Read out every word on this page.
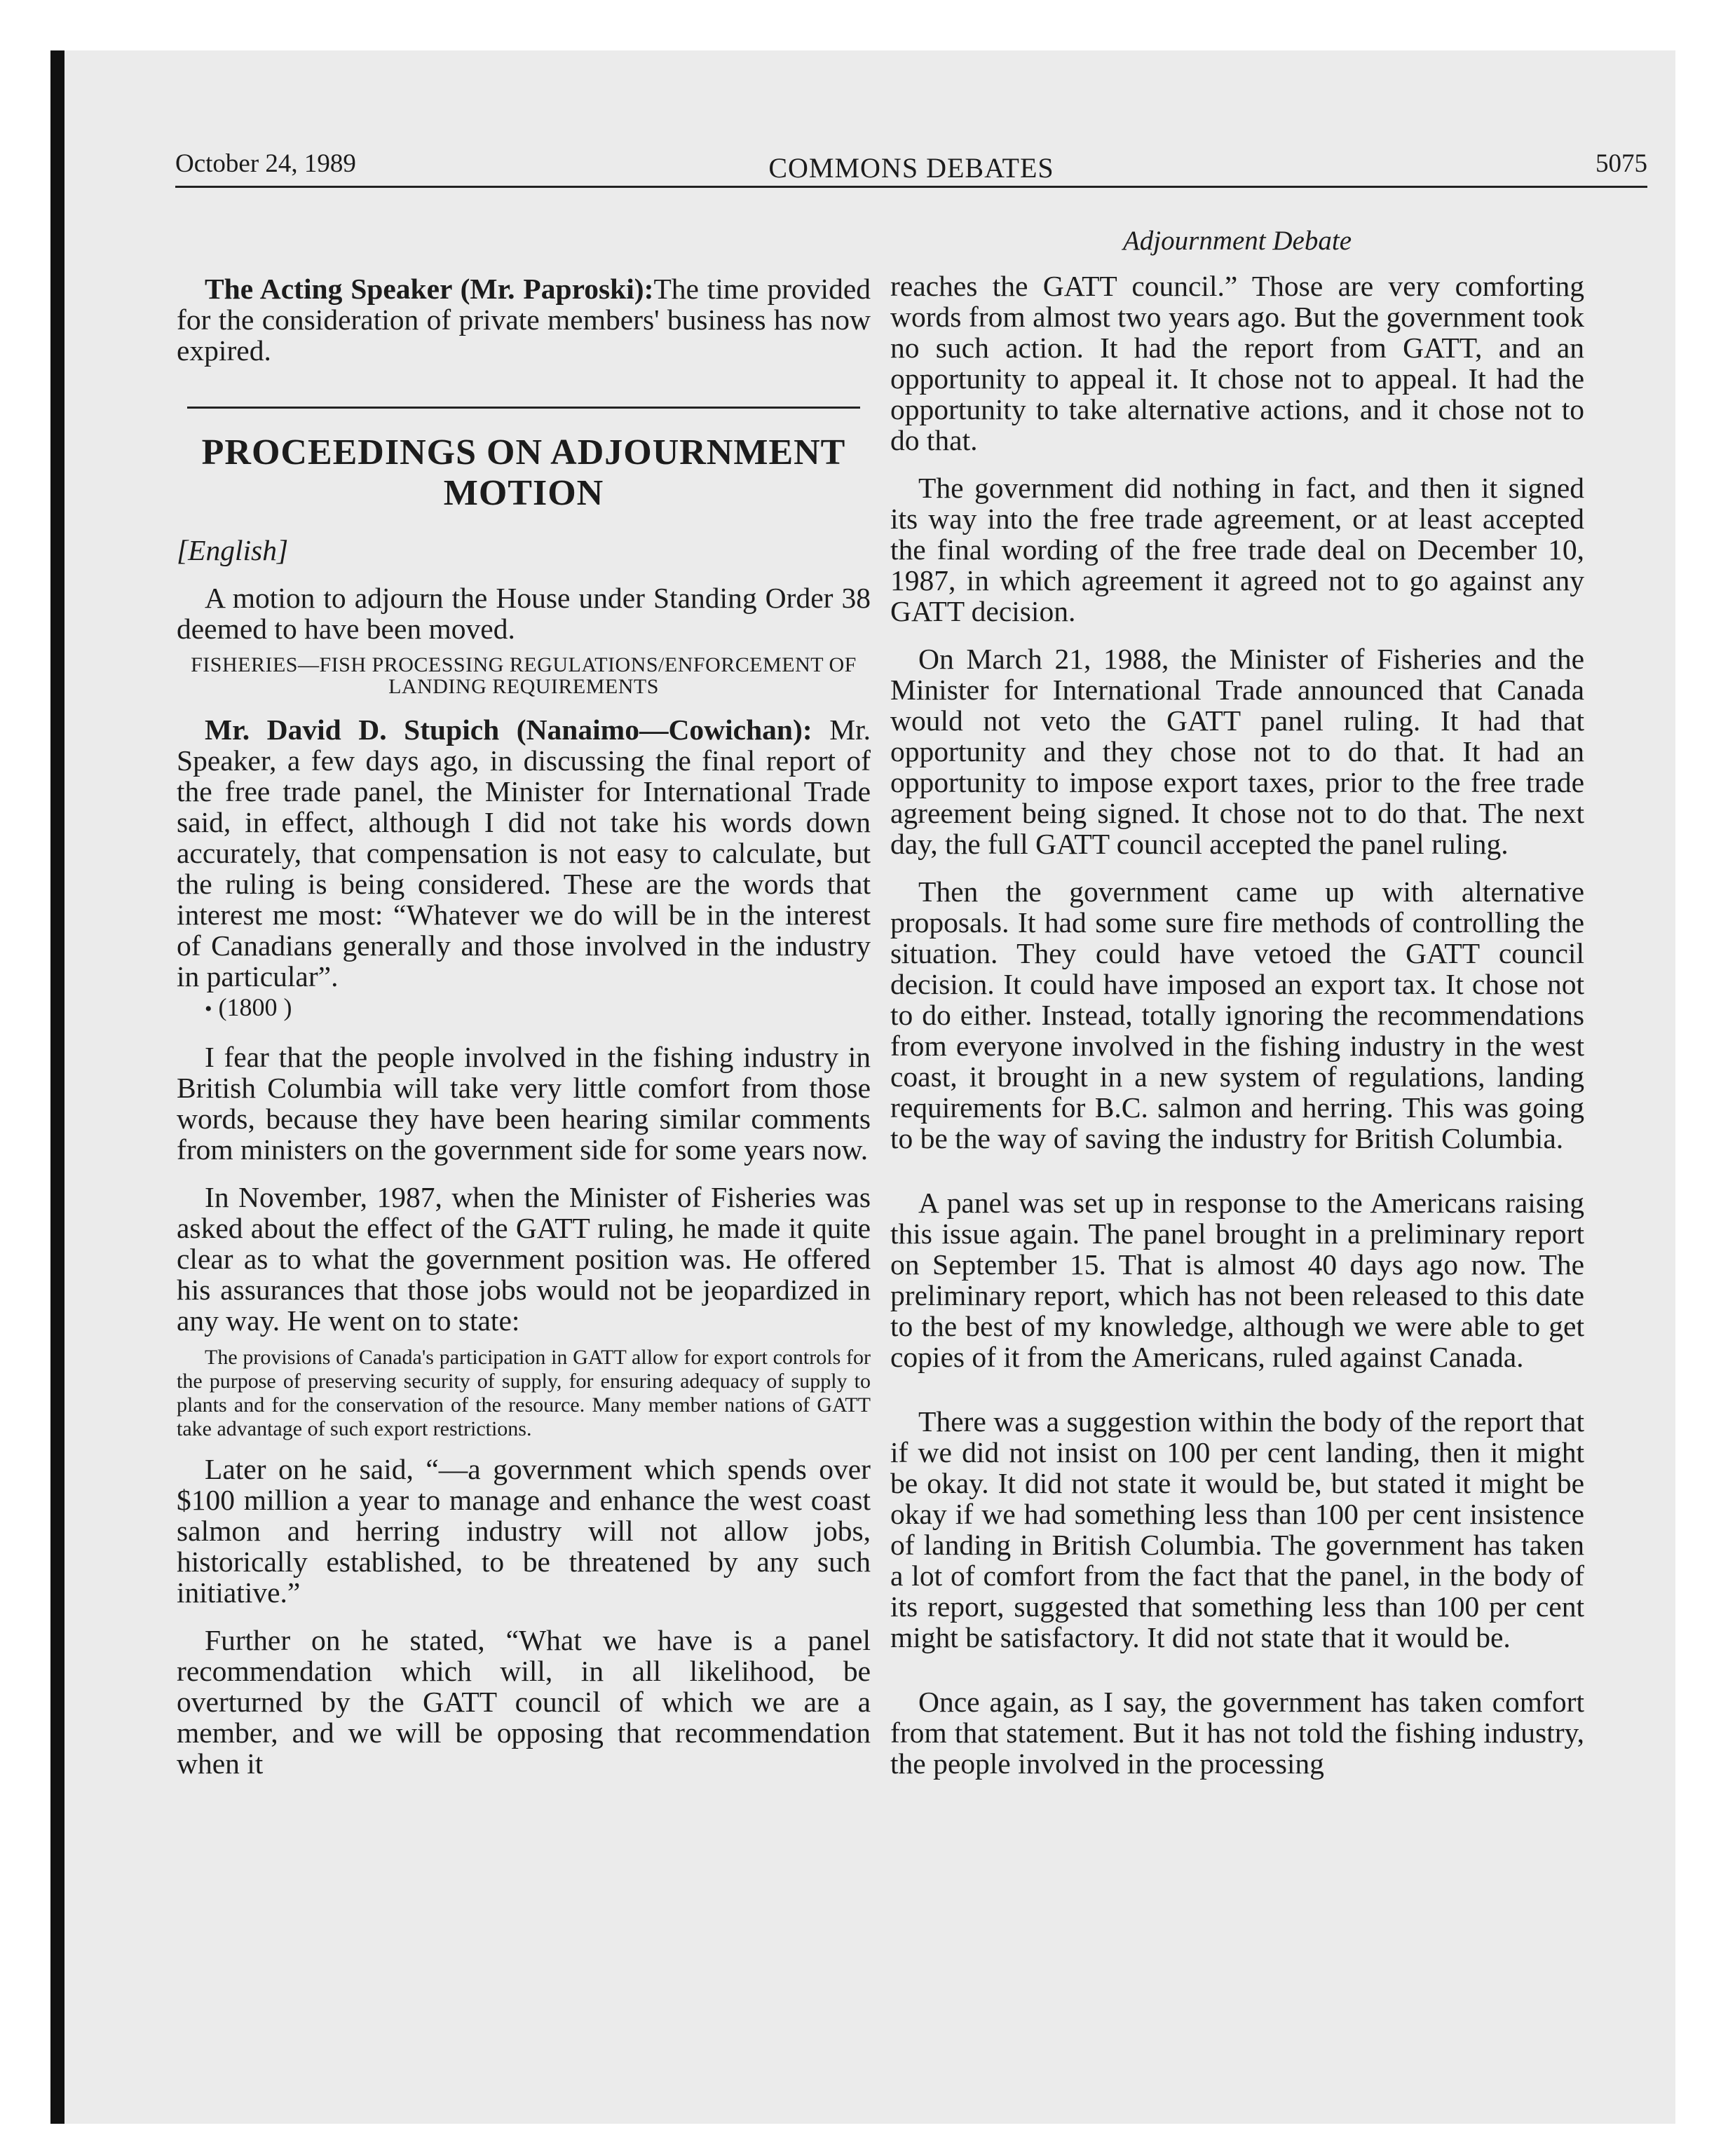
October 24, 1989	COMMONS DEBATES	5075

The Acting Speaker (Mr. Paproski):The time provided for the consideration of private members' business has now expired.

PROCEEDINGS ON ADJOURNMENT MOTION
[English]

A motion to adjourn the House under Standing Order 38 deemed to have been moved.

FISHERIES—FISH PROCESSING REGULATIONS/ENFORCEMENT OF LANDING REQUIREMENTS

Mr. David D. Stupich (Nanaimo—Cowichan): Mr. Speaker, a few days ago, in discussing the final report of the free trade panel, the Minister for International Trade said, in effect, although I did not take his words down accurately, that compensation is not easy to calculate, but the ruling is being considered. These are the words that interest me most: “Whatever we do will be in the interest of Canadians generally and those involved in the industry in particular”.

• (1800 )

I fear that the people involved in the fishing industry in British Columbia will take very little comfort from those words, because they have been hearing similar comments from ministers on the government side for some years now.

In November, 1987, when the Minister of Fisheries was asked about the effect of the GATT ruling, he made it quite clear as to what the government position was. He offered his assurances that those jobs would not be jeopardized in any way. He went on to state:

The provisions of Canada's participation in GATT allow for export controls for the purpose of preserving security of supply, for ensuring adequacy of supply to plants and for the conservation of the resource. Many member nations of GATT take advantage of such export restrictions.

Later on he said, “—a government which spends over $100 million a year to manage and enhance the west coast salmon and herring industry will not allow jobs, historically established, to be threatened by any such initiative.”

Further on he stated, “What we have is a panel recommendation which will, in all likelihood, be overturned by the GATT council of which we are a member, and we will be opposing that recommendation when it

Adjournment Debate

reaches the GATT council.” Those are very comforting words from almost two years ago. But the government took no such action. It had the report from GATT, and an opportunity to appeal it. It chose not to appeal. It had the opportunity to take alternative actions, and it chose not to do that.

The government did nothing in fact, and then it signed its way into the free trade agreement, or at least accepted the final wording of the free trade deal on December 10, 1987, in which agreement it agreed not to go against any GATT decision.

On March 21, 1988, the Minister of Fisheries and the Minister for International Trade announced that Canada would not veto the GATT panel ruling. It had that opportunity and they chose not to do that. It had an opportunity to impose export taxes, prior to the free trade agreement being signed. It chose not to do that. The next day, the full GATT council accepted the panel ruling.

Then the government came up with alternative proposals. It had some sure fire methods of controlling the situation. They could have vetoed the GATT council decision. It could have imposed an export tax. It chose not to do either. Instead, totally ignoring the recommendations from everyone involved in the fishing industry in the west coast, it brought in a new system of regulations, landing requirements for B.C. salmon and herring. This was going to be the way of saving the industry for British Columbia.

A panel was set up in response to the Americans raising this issue again. The panel brought in a preliminary report on September 15. That is almost 40 days ago now. The preliminary report, which has not been released to this date to the best of my knowledge, although we were able to get copies of it from the Americans, ruled against Canada.

There was a suggestion within the body of the report that if we did not insist on 100 per cent landing, then it might be okay. It did not state it would be, but stated it might be okay if we had something less than 100 per cent insistence of landing in British Columbia. The government has taken a lot of comfort from the fact that the panel, in the body of its report, suggested that something less than 100 per cent might be satisfactory. It did not state that it would be.

Once again, as I say, the government has taken comfort from that statement. But it has not told the fishing industry, the people involved in the processing
